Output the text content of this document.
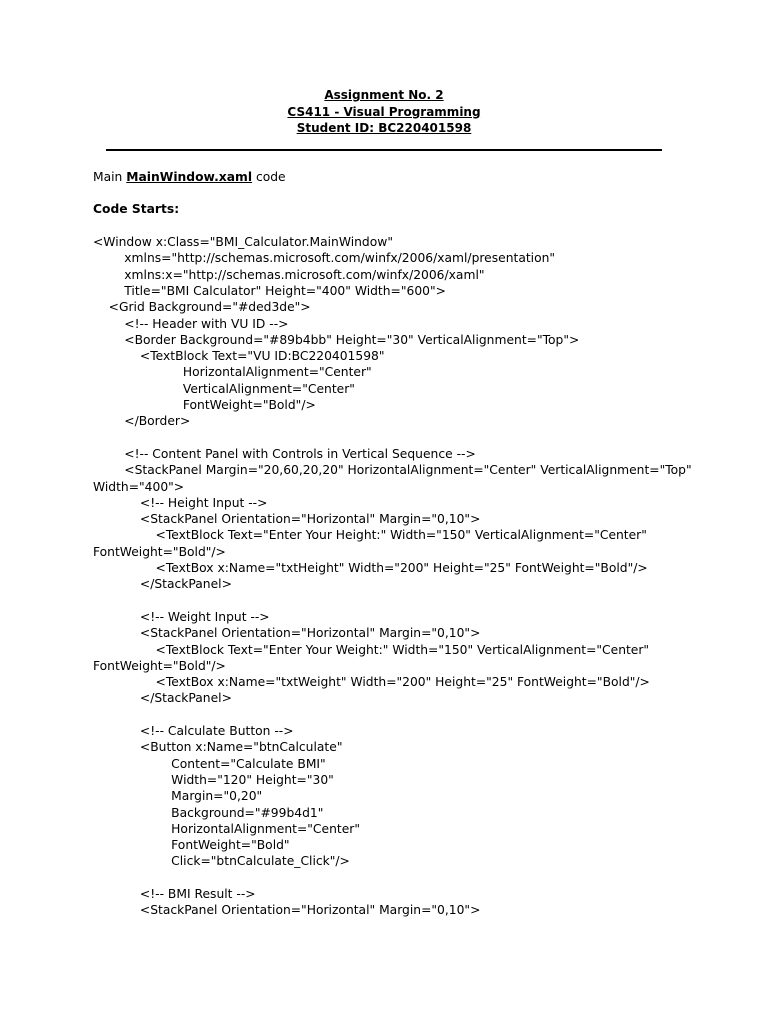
Assignment No. 2
CS411 - Visual Programming
Student ID: BC220401598
Main MainWindow.xaml code
Code Starts:
<Window x:Class="BMI_Calculator.MainWindow"
xmlns="http://schemas.microsoft.com/winfx/2006/xaml/presentation"
xmlns:x="http://schemas.microsoft.com/winfx/2006/xaml"
Title="BMI Calculator" Height="400" Width="600">
<Grid Background="#ded3de">
<!-- Header with VU ID -->
<Border Background="#89b4bb" Height="30" VerticalAlignment="Top">
<TextBlock Text="VU ID:BC220401598"
HorizontalAlignment="Center"
VerticalAlignment="Center"
FontWeight="Bold"/>
</Border>
<!-- Content Panel with Controls in Vertical Sequence -->
<StackPanel Margin="20,60,20,20" HorizontalAlignment="Center" VerticalAlignment="Top"
Width="400">
<!-- Height Input -->
<StackPanel Orientation="Horizontal" Margin="0,10">
<TextBlock Text="Enter Your Height:" Width="150" VerticalAlignment="Center"
FontWeight="Bold"/>
<TextBox x:Name="txtHeight" Width="200" Height="25" FontWeight="Bold"/>
</StackPanel>
<!-- Weight Input -->
<StackPanel Orientation="Horizontal" Margin="0,10">
<TextBlock Text="Enter Your Weight:" Width="150" VerticalAlignment="Center"
FontWeight="Bold"/>
<TextBox x:Name="txtWeight" Width="200" Height="25" FontWeight="Bold"/>
</StackPanel>
<!-- Calculate Button -->
<Button x:Name="btnCalculate"
Content="Calculate BMI"
Width="120" Height="30"
Margin="0,20"
Background="#99b4d1"
HorizontalAlignment="Center"
FontWeight="Bold"
Click="btnCalculate_Click"/>
<!-- BMI Result -->
<StackPanel Orientation="Horizontal" Margin="0,10">
